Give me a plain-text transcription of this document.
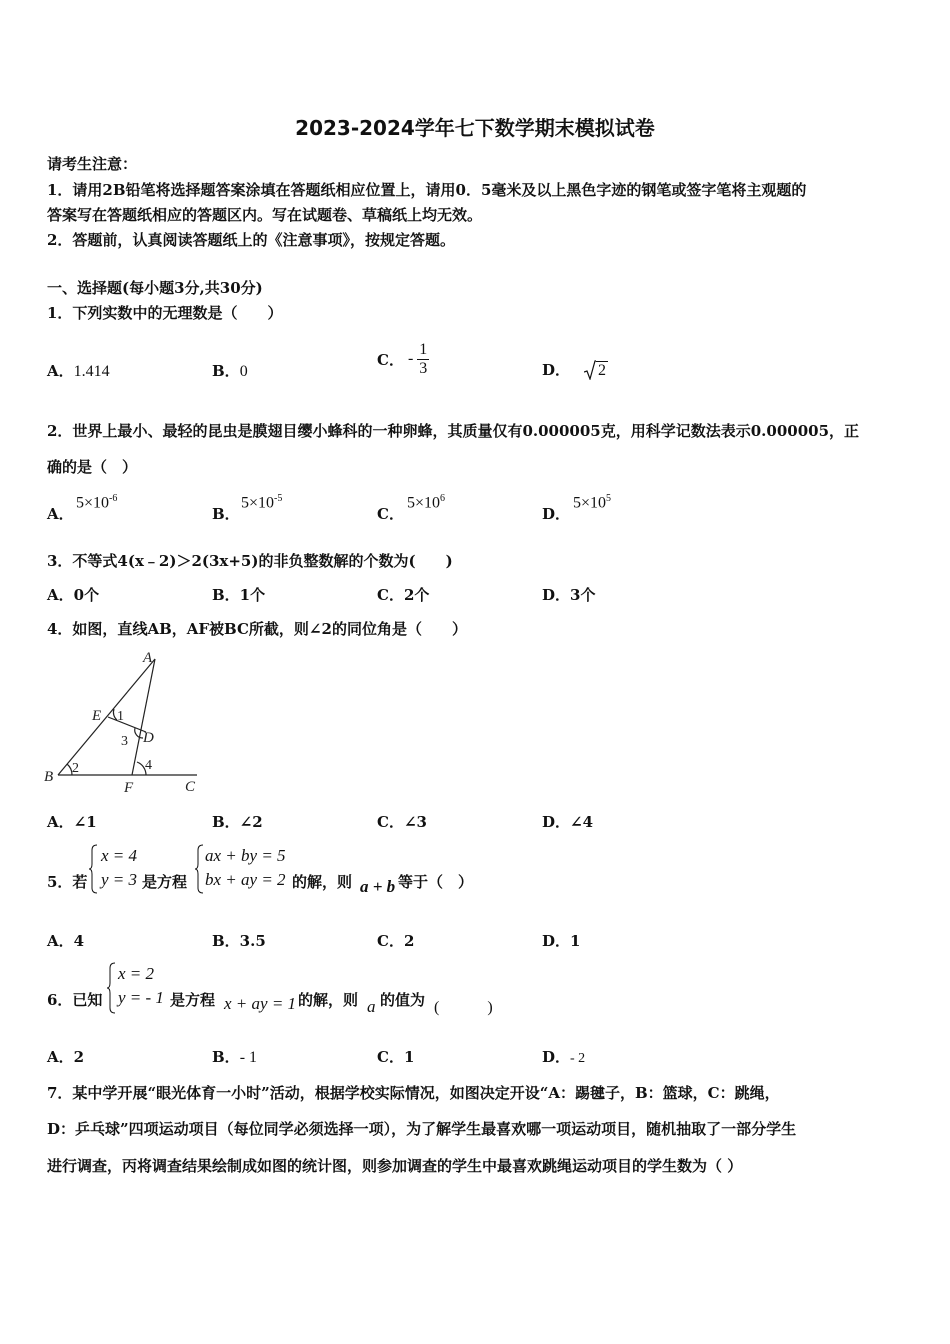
2023-2024学年七下数学期末模拟试卷
请考生注意：
1．请用2B铅笔将选择题答案涂填在答题纸相应位置上，请用0．5毫米及以上黑色字迹的钢笔或签字笔将主观题的
答案写在答题纸相应的答题区内。写在试题卷、草稿纸上均无效。
2．答题前，认真阅读答题纸上的《注意事项》，按规定答题。
一、选择题(每小题3分,共30分)
1．下列实数中的无理数是（　　）
A．1.414	B．0
C． - $\frac{1}{3}$	D． 2
2．世界上最小、最轻的昆虫是膜翅目缨小蜂科的一种卵蜂，其质量仅有0.000005克，用科学记数法表示0.000005，正
确的是（　）
A．
$5\times 10^{-6}$
B．
$5\times 10^{-5}$
C．
$5\times 10^6$
D．
$5\times 10^5$
3．不等式4(x﹣2)＞2(3x+5)的非负整数解的个数为(　　)
A．0个	B．1个	C．2个	D．3个
4．如图，直线AB，AF被BC所截，则∠2的同位角是（　　）
A
B
C
D
E
F
1
2
3
4
A．∠1	B．∠2	C．∠3	D．∠4
5．若
x = 4
y = 3 是方程
ax + by = 5
bx + ay = 2 的解，则 a + b 等于（　）
A．4	B．3.5	C．2	D．1
6．已知
x = 2
y = - 1 是方程 x + ay = 1 的解，则 a 的值为 (　　　)
A．2	B．- 1	C．1	D．- 2
7．某中学开展“眼光体育一小时”活动，根据学校实际情况，如图决定开设“A：踢毽子，B：篮球，C：跳绳，
D：乒乓球”四项运动项目（每位同学必须选择一项），为了解学生最喜欢哪一项运动项目，随机抽取了一部分学生
进行调查，丙将调查结果绘制成如图的统计图，则参加调查的学生中最喜欢跳绳运动项目的学生数为（ ）
